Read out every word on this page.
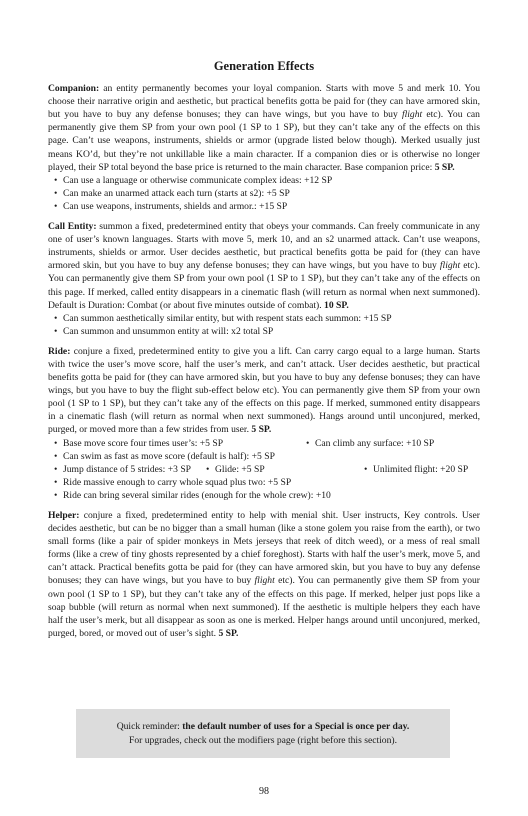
Generation Effects

Companion: an entity permanently becomes your loyal companion. Starts with move 5 and merk 10. You choose their narrative origin and aesthetic, but practical benefits gotta be paid for (they can have armored skin, but you have to buy any defense bonuses; they can have wings, but you have to buy flight etc). You can permanently give them SP from your own pool (1 SP to 1 SP), but they can’t take any of the effects on this page. Can’t use weapons, instruments, shields or armor (upgrade listed below though). Merked usually just means KO’d, but they’re not unkillable like a main character. If a companion dies or is otherwise no longer played, their SP total beyond the base price is returned to the main character. Base companion price: 5 SP.

• Can use a language or otherwise communicate complex ideas: +12 SP
• Can make an unarmed attack each turn (starts at s2): +5 SP
• Can use weapons, instruments, shields and armor.: +15 SP

Call Entity: summon a fixed, predetermined entity that obeys your commands. Can freely communicate in any one of user’s known languages. Starts with move 5, merk 10, and an s2 unarmed attack. Can’t use weapons, instruments, shields or armor. User decides aesthetic, but practical benefits gotta be paid for (they can have armored skin, but you have to buy any defense bonuses; they can have wings, but you have to buy flight etc). You can permanently give them SP from your own pool (1 SP to 1 SP), but they can’t take any of the effects on this page. If merked, called entity disappears in a cinematic flash (will return as normal when next summoned). Default is Duration: Combat (or about five minutes outside of combat). 10 SP.

• Can summon aesthetically similar entity, but with respent stats each summon: +15 SP
• Can summon and unsummon entity at will: x2 total SP

Ride: conjure a fixed, predetermined entity to give you a lift. Can carry cargo equal to a large human. Starts with twice the user’s move score, half the user’s merk, and can’t attack. User decides aesthetic, but practical benefits gotta be paid for (they can have armored skin, but you have to buy any defense bonuses; they can have wings, but you have to buy the flight sub-effect below etc). You can permanently give them SP from your own pool (1 SP to 1 SP), but they can’t take any of the effects on this page. If merked, summoned entity disappears in a cinematic flash (will return as normal when next summoned). Hangs around until unconjured, merked, purged, or moved more than a few strides from user. 5 SP.

• Base move score four times user’s: +5 SP	• Can climb any surface: +10 SP
• Can swim as fast as move score (default is half): +5 SP
• Jump distance of 5 strides: +3 SP	• Glide: +5 SP	• Unlimited flight: +20 SP
• Ride massive enough to carry whole squad plus two: +5 SP
• Ride can bring several similar rides (enough for the whole crew): +10

Helper: conjure a fixed, predetermined entity to help with menial shit. User instructs, Key controls. User decides aesthetic, but can be no bigger than a small human (like a stone golem you raise from the earth), or two small forms (like a pair of spider monkeys in Mets jerseys that reek of ditch weed), or a mess of real small forms (like a crew of tiny ghosts represented by a chief foreghost). Starts with half the user’s merk, move 5, and can’t attack. Practical benefits gotta be paid for (they can have armored skin, but you have to buy any defense bonuses; they can have wings, but you have to buy flight etc). You can permanently give them SP from your own pool (1 SP to 1 SP), but they can’t take any of the effects on this page. If merked, helper just pops like a soap bubble (will return as normal when next summoned). If the aesthetic is multiple helpers they each have half the user’s merk, but all disappear as soon as one is merked. Helper hangs around until unconjured, merked, purged, bored, or moved out of user’s sight. 5 SP.

Quick reminder: the default number of uses for a Special is once per day.
For upgrades, check out the modifiers page (right before this section).
98
